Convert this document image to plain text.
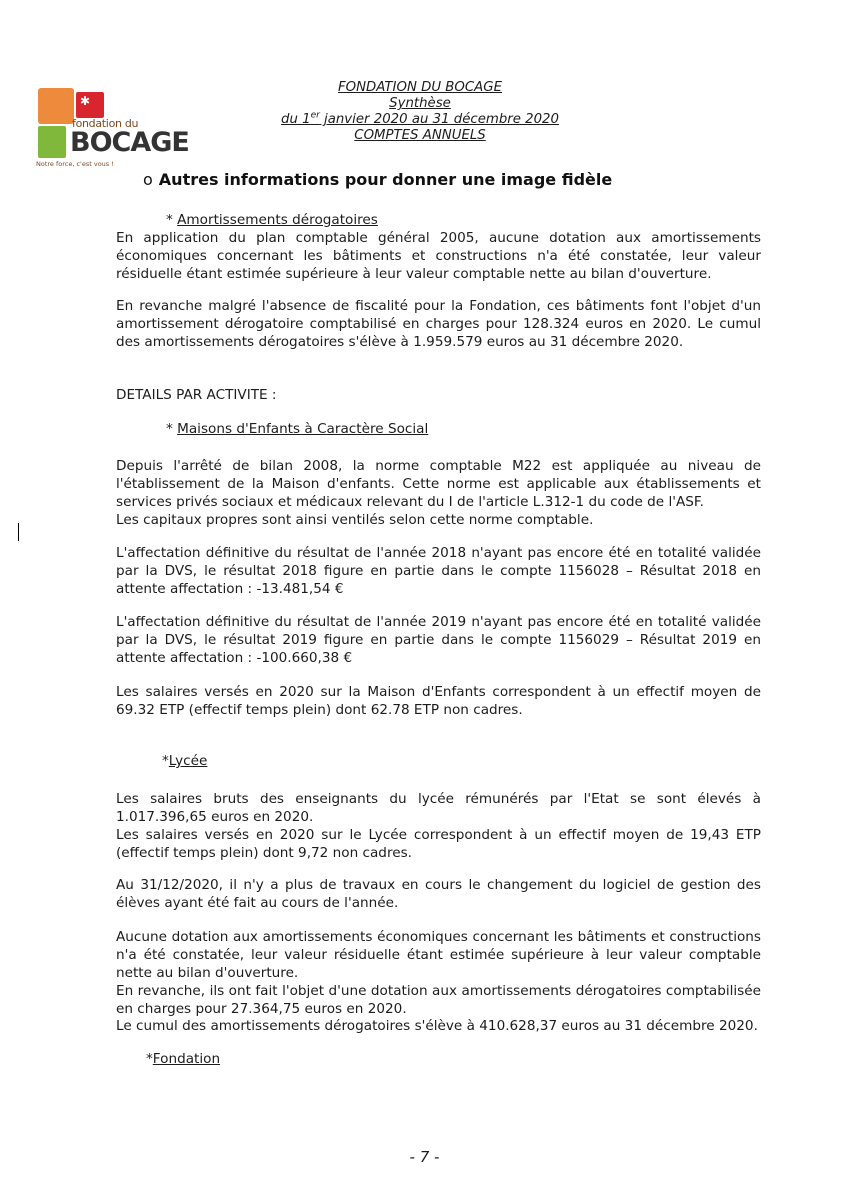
✱
fondation du
BOCAGE
Notre force, c'est vous !
FONDATION DU BOCAGE
Synthèse
du 1er janvier 2020 au 31 décembre 2020
COMPTES ANNUELS
o Autres informations pour donner une image fidèle
* Amortissements dérogatoires
En application du plan comptable général 2005, aucune dotation aux amortissements économiques concernant les bâtiments et constructions n'a été constatée, leur valeur résiduelle étant estimée supérieure à leur valeur comptable nette au bilan d'ouverture.
En revanche malgré l'absence de fiscalité pour la Fondation, ces bâtiments font l'objet d'un amortissement dérogatoire comptabilisé en charges pour 128.324 euros en 2020. Le cumul des amortissements dérogatoires s'élève à 1.959.579 euros au 31 décembre 2020.
DETAILS PAR ACTIVITE :
* Maisons d'Enfants à Caractère Social
Depuis l'arrêté de bilan 2008, la norme comptable M22 est appliquée au niveau de l'établissement de la Maison d'enfants. Cette norme est applicable aux établissements et services privés sociaux et médicaux relevant du I de l'article L.312-1 du code de l'ASF.
Les capitaux propres sont ainsi ventilés selon cette norme comptable.
L'affectation définitive du résultat de l'année 2018 n'ayant pas encore été en totalité validée par la DVS, le résultat 2018 figure en partie dans le compte 1156028 – Résultat 2018 en attente affectation : -13.481,54 €
L'affectation définitive du résultat de l'année 2019 n'ayant pas encore été en totalité validée par la DVS, le résultat 2019 figure en partie dans le compte 1156029 – Résultat 2019 en attente affectation : -100.660,38 €
Les salaires versés en 2020 sur la Maison d'Enfants correspondent à un effectif moyen de 69.32 ETP (effectif temps plein) dont 62.78 ETP non cadres.
*Lycée
Les salaires bruts des enseignants du lycée rémunérés par l'Etat se sont élevés à 1.017.396,65 euros en 2020.
Les salaires versés en 2020 sur le Lycée correspondent à un effectif moyen de 19,43 ETP (effectif temps plein) dont 9,72 non cadres.
Au 31/12/2020, il n'y a plus de travaux en cours le changement du logiciel de gestion des élèves ayant été fait au cours de l'année.
Aucune dotation aux amortissements économiques concernant les bâtiments et constructions n'a été constatée, leur valeur résiduelle étant estimée supérieure à leur valeur comptable nette au bilan d'ouverture.
En revanche, ils ont fait l'objet d'une dotation aux amortissements dérogatoires comptabilisée en charges pour 27.364,75 euros en 2020.
Le cumul des amortissements dérogatoires s'élève à 410.628,37 euros au 31 décembre 2020.
*Fondation
- 7 -
